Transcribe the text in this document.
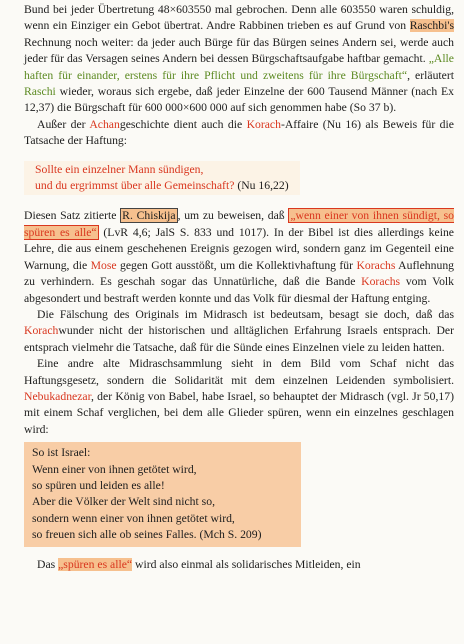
Bund bei jeder Übertretung 48×603550 mal gebrochen. Denn alle 603550 waren schuldig, wenn ein Einziger ein Gebot übertrat. Andre Rabbinen trieben es auf Grund von Raschbi's Rechnung noch weiter: da jeder auch Bürge für das Bürgen seines Andern sei, werde auch jeder für das Versagen seines Andern bei dessen Bürgschaftsaufgabe haftbar gemacht. „Alle haften für einander, erstens für ihre Pflicht und zweitens für ihre Bürgschaft“, erläutert Raschi wieder, woraus sich ergebe, daß jeder Einzelne der 600 Tausend Männer (nach Ex 12,37) die Bürgschaft für 600 000×600 000 auf sich genommen habe (So 37 b).

Außer der Achangeschichte dient auch die Korach-Affaire (Nu 16) als Beweis für die Tatsache der Haftung:

Sollte ein einzelner Mann sündigen,
und du ergrimmst über alle Gemeinschaft? (Nu 16,22)

Diesen Satz zitierte R. Chiskija , um zu beweisen, daß „wenn einer von ihnen sündigt, so spüren es alle“ (LvR 4,6; JalS S. 833 und 1017). In der Bibel ist dies allerdings keine Lehre, die aus einem geschehenen Ereignis gezogen wird, sondern ganz im Gegenteil eine Warnung, die Mose gegen Gott ausstößt, um die Kollektivhaftung für Korachs Auflehnung zu verhindern. Es geschah sogar das Unnatürliche, daß die Bande Korachs vom Volk abgesondert und bestraft werden konnte und das Volk für diesmal der Haftung entging.

Die Fälschung des Originals im Midrasch ist bedeutsam, besagt sie doch, daß das Korachwunder nicht der historischen und alltäglichen Erfahrung Israels entsprach. Der entsprach vielmehr die Tatsache, daß für die Sünde eines Einzelnen viele zu leiden hatten.

Eine andre alte Midraschsammlung sieht in dem Bild vom Schaf nicht das Haftungsgesetz, sondern die Solidarität mit dem einzelnen Leidenden symbolisiert. Nebukadnezar, der König von Babel, habe Israel, so behauptet der Midrasch (vgl. Jr 50,17) mit einem Schaf verglichen, bei dem alle Glieder spüren, wenn ein einzelnes geschlagen wird:

So ist Israel:
Wenn einer von ihnen getötet wird,
so spüren und leiden es alle!
Aber die Völker der Welt sind nicht so,
sondern wenn einer von ihnen getötet wird,
so freuen sich alle ob seines Falles. (Mch S. 209)

Das „spüren es alle“ wird also einmal als solidarisches Mitleiden, ein
